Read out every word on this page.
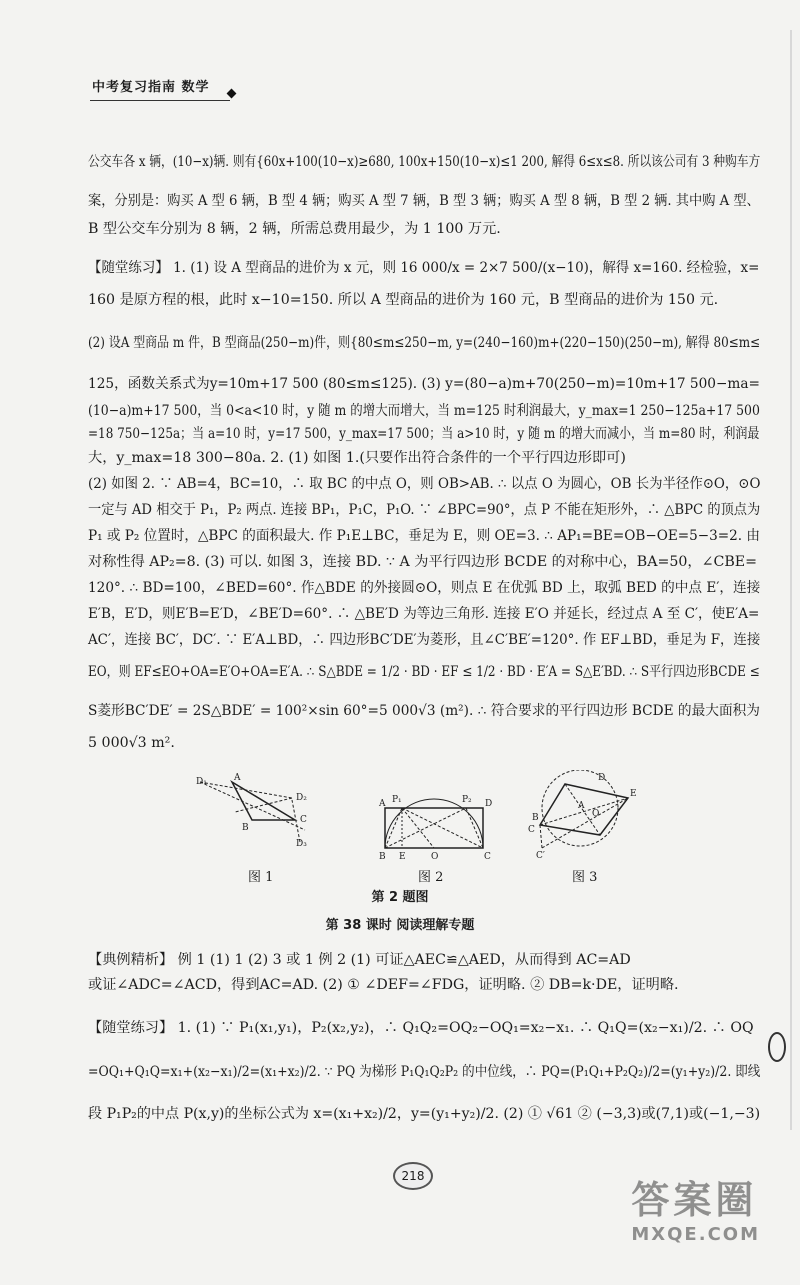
中考复习指南 数学
公交车各 x 辆，(10−x)辆. 则有{60x+100(10−x)≥680, 100x+150(10−x)≤1 200, 解得 6≤x≤8. 所以该公司有 3 种购车方
案，分别是：购买 A 型 6 辆，B 型 4 辆；购买 A 型 7 辆，B 型 3 辆；购买 A 型 8 辆，B 型 2 辆. 其中购 A 型、
B 型公交车分别为 8 辆，2 辆，所需总费用最少，为 1 100 万元.
【随堂练习】 1. (1) 设 A 型商品的进价为 x 元，则 16 000/x = 2×7 500/(x−10)，解得 x=160. 经检验，x=
160 是原方程的根，此时 x−10=150. 所以 A 型商品的进价为 160 元，B 型商品的进价为 150 元.
(2) 设A 型商品 m 件，B 型商品(250−m)件，则{80≤m≤250−m, y=(240−160)m+(220−150)(250−m), 解得 80≤m≤
125，函数关系式为y=10m+17 500 (80≤m≤125). (3) y=(80−a)m+70(250−m)=10m+17 500−ma=
(10−a)m+17 500，当 0<a<10 时，y 随 m 的增大而增大，当 m=125 时利润最大，y_max=1 250−125a+17 500
=18 750−125a；当 a=10 时，y=17 500，y_max=17 500；当 a>10 时，y 随 m 的增大而减小，当 m=80 时，利润最
大，y_max=18 300−80a. 2. (1) 如图 1.(只要作出符合条件的一个平行四边形即可)
(2) 如图 2. ∵ AB=4，BC=10，∴ 取 BC 的中点 O，则 OB>AB. ∴ 以点 O 为圆心，OB 长为半径作⊙O，⊙O
一定与 AD 相交于 P₁，P₂ 两点. 连接 BP₁，P₁C，P₁O. ∵ ∠BPC=90°，点 P 不能在矩形外，∴ △BPC 的顶点为
P₁ 或 P₂ 位置时，△BPC 的面积最大. 作 P₁E⊥BC，垂足为 E，则 OE=3. ∴ AP₁=BE=OB−OE=5−3=2. 由
对称性得 AP₂=8. (3) 可以. 如图 3，连接 BD. ∵ A 为平行四边形 BCDE 的对称中心，BA=50，∠CBE=
120°. ∴ BD=100，∠BED=60°. 作△BDE 的外接圆⊙O，则点 E 在优弧 BD 上，取弧 BED 的中点 E′，连接
E′B，E′D，则E′B=E′D，∠BE′D=60°. ∴ △BE′D 为等边三角形. 连接 E′O 并延长，经过点 A 至 C′，使E′A=
AC′，连接 BC′，DC′. ∵ E′A⊥BD，∴ 四边形BC′DE′为菱形，且∠C′BE′=120°. 作 EF⊥BD，垂足为 F，连接
EO，则 EF≤EO+OA=E′O+OA=E′A. ∴ S△BDE = 1/2 · BD · EF ≤ 1/2 · BD · E′A = S△E′BD. ∴ S平行四边形BCDE ≤
S菱形BC′DE′ = 2S△BDE′ = 100²×sin 60°=5 000√3 (m²). ∴ 符合要求的平行四边形 BCDE 的最大面积为
5 000√3 m².
D₁	A
D₂
B
C
D₃
A P₁	P₂ D
B E	O	C
A
B
C
D
E
O
C′
图 1	图 2	图 3
第 2 题图
第 38 课时 阅读理解专题
【典例精析】 例 1 (1) 1 (2) 3 或 1 例 2 (1) 可证△AEC≌△AED，从而得到 AC=AD
或证∠ADC=∠ACD，得到AC=AD. (2) ① ∠DEF=∠FDG，证明略. ② DB=k·DE，证明略.
【随堂练习】 1. (1) ∵ P₁(x₁,y₁)，P₂(x₂,y₂)，∴ Q₁Q₂=OQ₂−OQ₁=x₂−x₁. ∴ Q₁Q=(x₂−x₁)/2. ∴ OQ
=OQ₁+Q₁Q=x₁+(x₂−x₁)/2=(x₁+x₂)/2. ∵ PQ 为梯形 P₁Q₁Q₂P₂ 的中位线，∴ PQ=(P₁Q₁+P₂Q₂)/2=(y₁+y₂)/2. 即线
段 P₁P₂的中点 P(x,y)的坐标公式为 x=(x₁+x₂)/2，y=(y₁+y₂)/2. (2) ① √61 ② (−3,3)或(7,1)或(−1,−3)
218
答案圈
MXQE.COM
